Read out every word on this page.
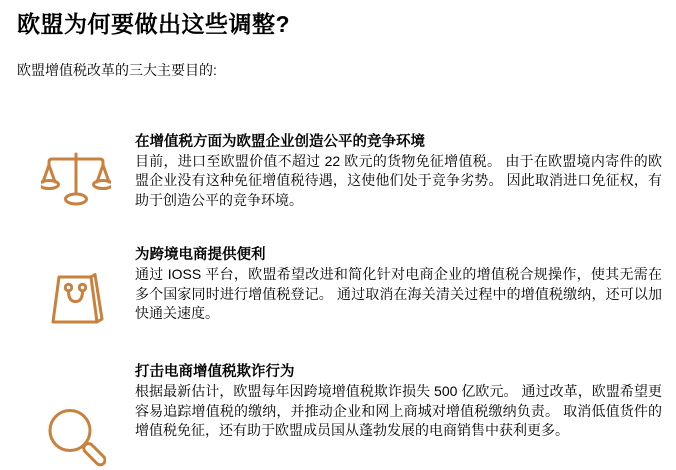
欧盟为何要做出这些调整?
欧盟增值税改革的三大主要目的:
在增值税方面为欧盟企业创造公平的竞争环境

目前，进口至欧盟价值不超过 22 欧元的货物免征增值税。 由于在欧盟境内寄件的欧盟企业没有这种免征增值税待遇，这使他们处于竞争劣势。 因此取消进口免征权，有助于创造公平的竞争环境。

为跨境电商提供便利

通过 IOSS 平台，欧盟希望改进和简化针对电商企业的增值税合规操作，使其无需在多个国家同时进行增值税登记。 通过取消在海关清关过程中的增值税缴纳，还可以加快通关速度。

打击电商增值税欺诈行为

根据最新估计，欧盟每年因跨境增值税欺诈损失 500 亿欧元。 通过改革，欧盟希望更容易追踪增值税的缴纳，并推动企业和网上商城对增值税缴纳负责。 取消低值货件的增值税免征，还有助于欧盟成员国从蓬勃发展的电商销售中获利更多。
